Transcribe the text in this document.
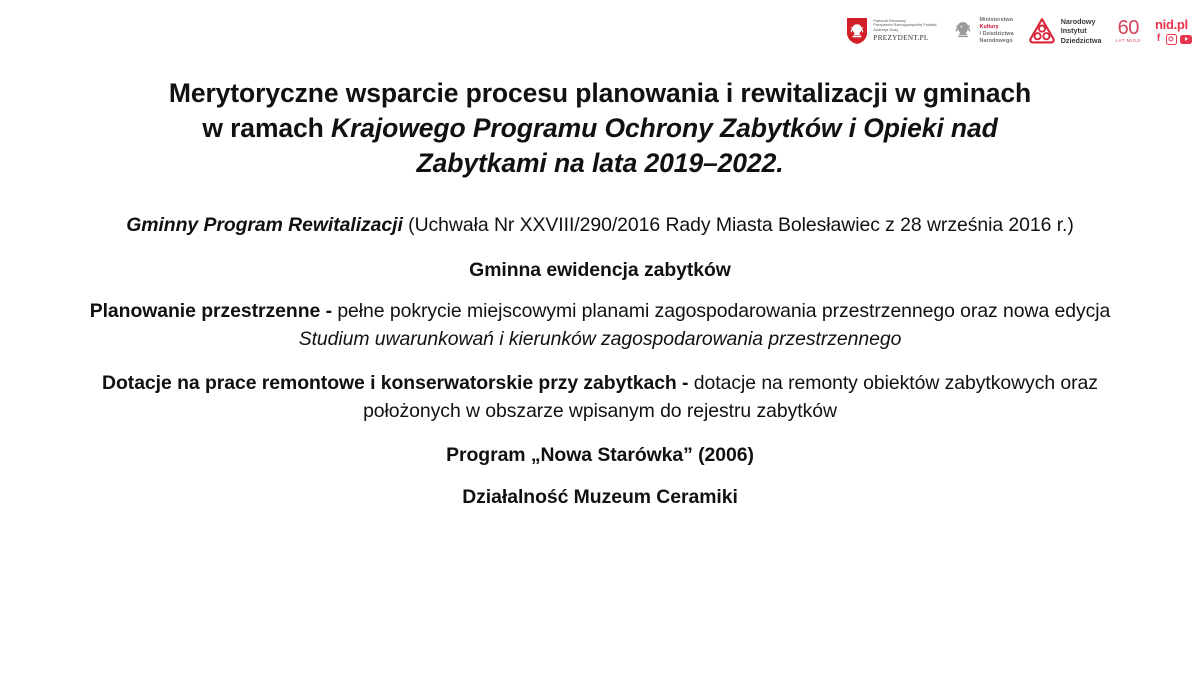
Patronat Honorowy
Prezydenta Rzeczypospolitej Polskiej
Andrzeja Dudy
PREZYDENT.PL
Ministerstwo
Kultury
i Dziedzictwa
Narodowego
Narodowy
Instytut
Dziedzictwa
60
LAT MISJI
nid.pl
f
Merytoryczne wsparcie procesu planowania i rewitalizacji w gminach
w ramach Krajowego Programu Ochrony Zabytków i Opieki nad
Zabytkami na lata 2019–2022.

Gminny Program Rewitalizacji (Uchwała Nr XXVIII/290/2016 Rady Miasta Bolesławiec z 28 września 2016 r.)

Gminna ewidencja zabytków

Planowanie przestrzenne - pełne pokrycie miejscowymi planami zagospodarowania przestrzennego oraz nowa edycja Studium uwarunkowań i kierunków zagospodarowania przestrzennego

Dotacje na prace remontowe i konserwatorskie przy zabytkach - dotacje na remonty obiektów zabytkowych oraz położonych w obszarze wpisanym do rejestru zabytków

Program „Nowa Starówka” (2006)

Działalność Muzeum Ceramiki
